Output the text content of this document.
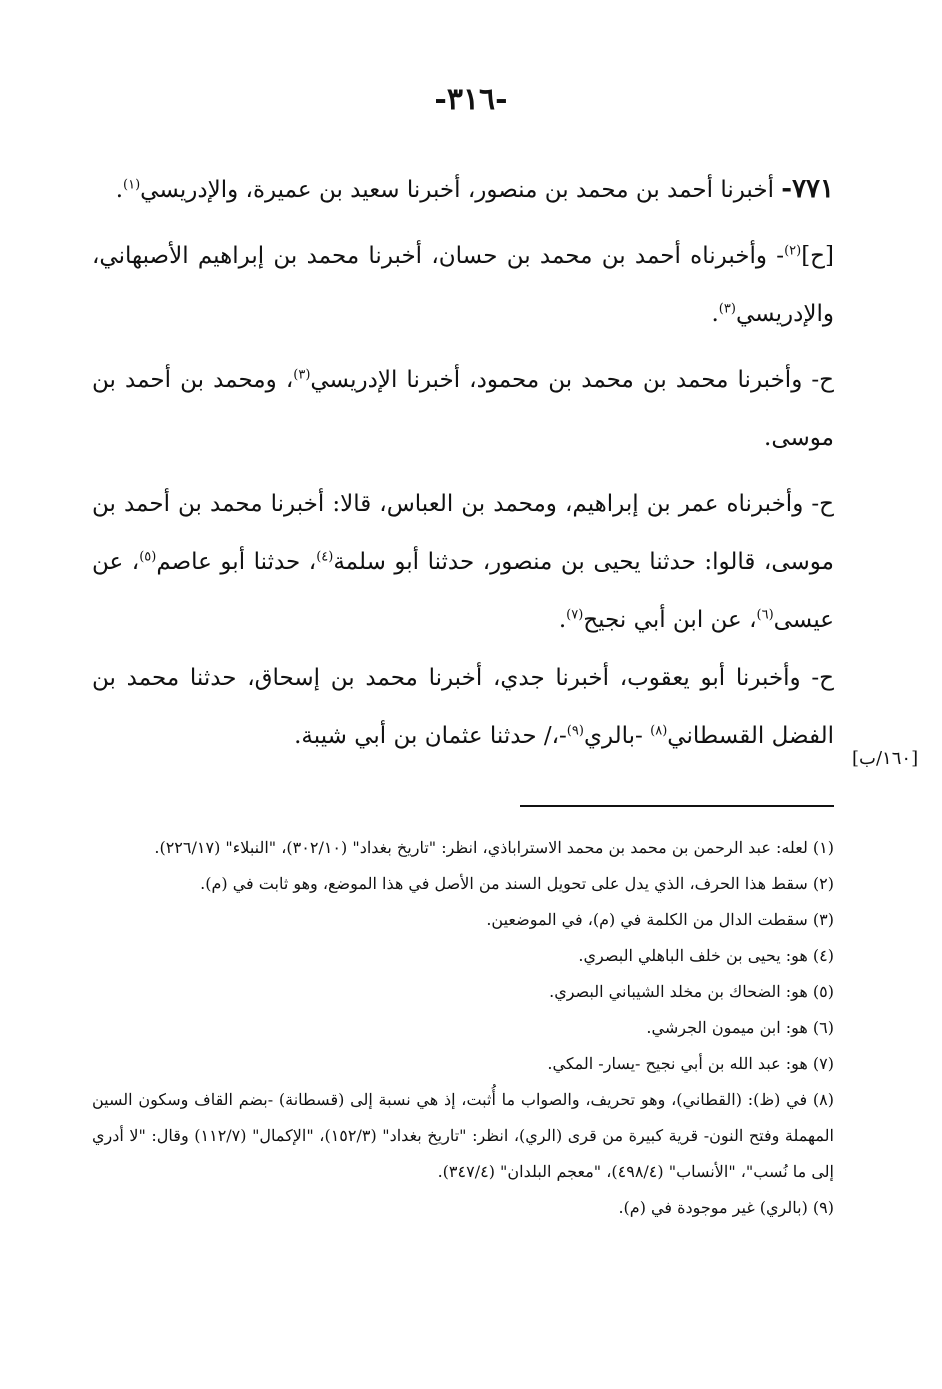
-٣١٦-

٧٧١- أخبرنا أحمد بن محمد بن منصور، أخبرنا سعيد بن عميرة، والإدريسي$^{(١)}$.

[ح]$^{(٢)}$- وأخبرناه أحمد بن محمد بن حسان، أخبرنا محمد بن إبراهيم الأصبهاني، والإدريسي$^{(٣)}$.

ح- وأخبرنا محمد بن محمد بن محمود، أخبرنا الإدريسي$^{(٣)}$، ومحمد بن أحمد بن موسى.

ح- وأخبرناه عمر بن إبراهيم، ومحمد بن العباس، قالا: أخبرنا محمد بن أحمد بن موسى، قالوا: حدثنا يحيى بن منصور، حدثنا أبو سلمة$^{(٤)}$، حدثنا أبو عاصم$^{(٥)}$، عن عيسى$^{(٦)}$، عن ابن أبي نجيح$^{(٧)}$.

ح- وأخبرنا أبو يعقوب، أخبرنا جدي، أخبرنا محمد بن إسحاق، حدثنا محمد بن الفضل القسطاني$^{(٨)}$ -بالري$^{(٩)}$-،/ حدثنا عثمان بن أبي شيبة.

[١٦٠/ب]
(١) لعله: عبد الرحمن بن محمد بن محمد الاستراباذي، انظر: "تاريخ بغداد" (٣٠٢/١٠)، "النبلاء" (٢٢٦/١٧).
(٢) سقط هذا الحرف، الذي يدل على تحويل السند من الأصل في هذا الموضع، وهو ثابت في (م).
(٣) سقطت الدال من الكلمة في (م)، في الموضعين.
(٤) هو: يحيى بن خلف الباهلي البصري.
(٥) هو: الضحاك بن مخلد الشيباني البصري.
(٦) هو: ابن ميمون الجرشي.
(٧) هو: عبد الله بن أبي نجيح -يسار- المكي.
(٨) في (ظ): (القطاني)، وهو تحريف، والصواب ما أُثبت، إذ هي نسبة إلى (قسطانة) -بضم القاف وسكون السين المهملة وفتح النون- قرية كبيرة من قرى (الري)، انظر: "تاريخ بغداد" (١٥٢/٣)، "الإكمال" (١١٢/٧) وقال: "لا أدري إلى ما نُسب"، "الأنساب" (٤٩٨/٤)، "معجم البلدان" (٣٤٧/٤).
(٩) (بالري) غير موجودة في (م).
